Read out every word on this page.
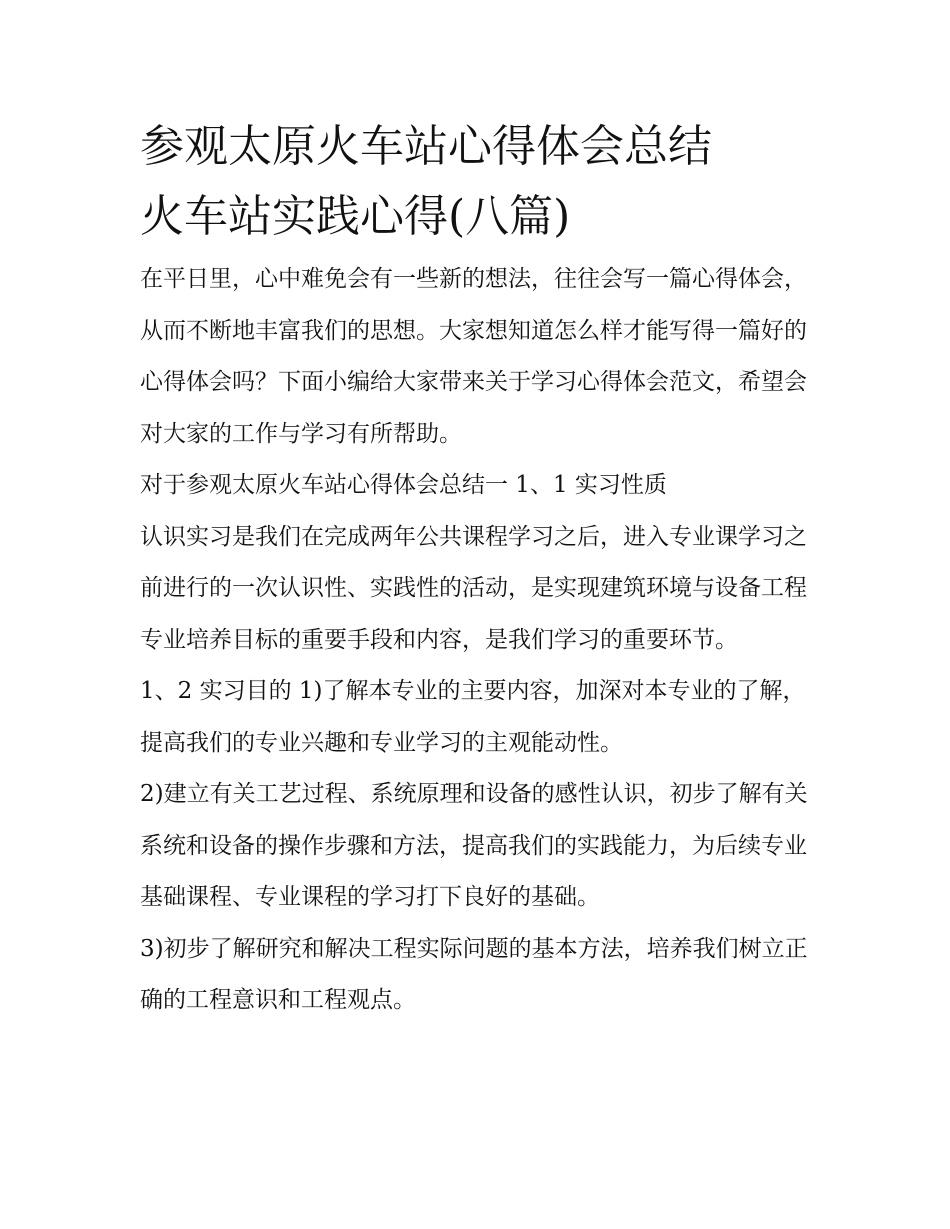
参观太原火车站心得体会总结
火车站实践心得(八篇)

在平日里，心中难免会有一些新的想法，往往会写一篇心得体会，从而不断地丰富我们的思想。大家想知道怎么样才能写得一篇好的心得体会吗？下面小编给大家带来关于学习心得体会范文，希望会对大家的工作与学习有所帮助。

对于参观太原火车站心得体会总结一 1、1 实习性质

认识实习是我们在完成两年公共课程学习之后，进入专业课学习之前进行的一次认识性、实践性的活动，是实现建筑环境与设备工程专业培养目标的重要手段和内容，是我们学习的重要环节。

1、2 实习目的 1)了解本专业的主要内容，加深对本专业的了解，提高我们的专业兴趣和专业学习的主观能动性。

2)建立有关工艺过程、系统原理和设备的感性认识，初步了解有关系统和设备的操作步骤和方法，提高我们的实践能力，为后续专业基础课程、专业课程的学习打下良好的基础。

3)初步了解研究和解决工程实际问题的基本方法，培养我们树立正确的工程意识和工程观点。
